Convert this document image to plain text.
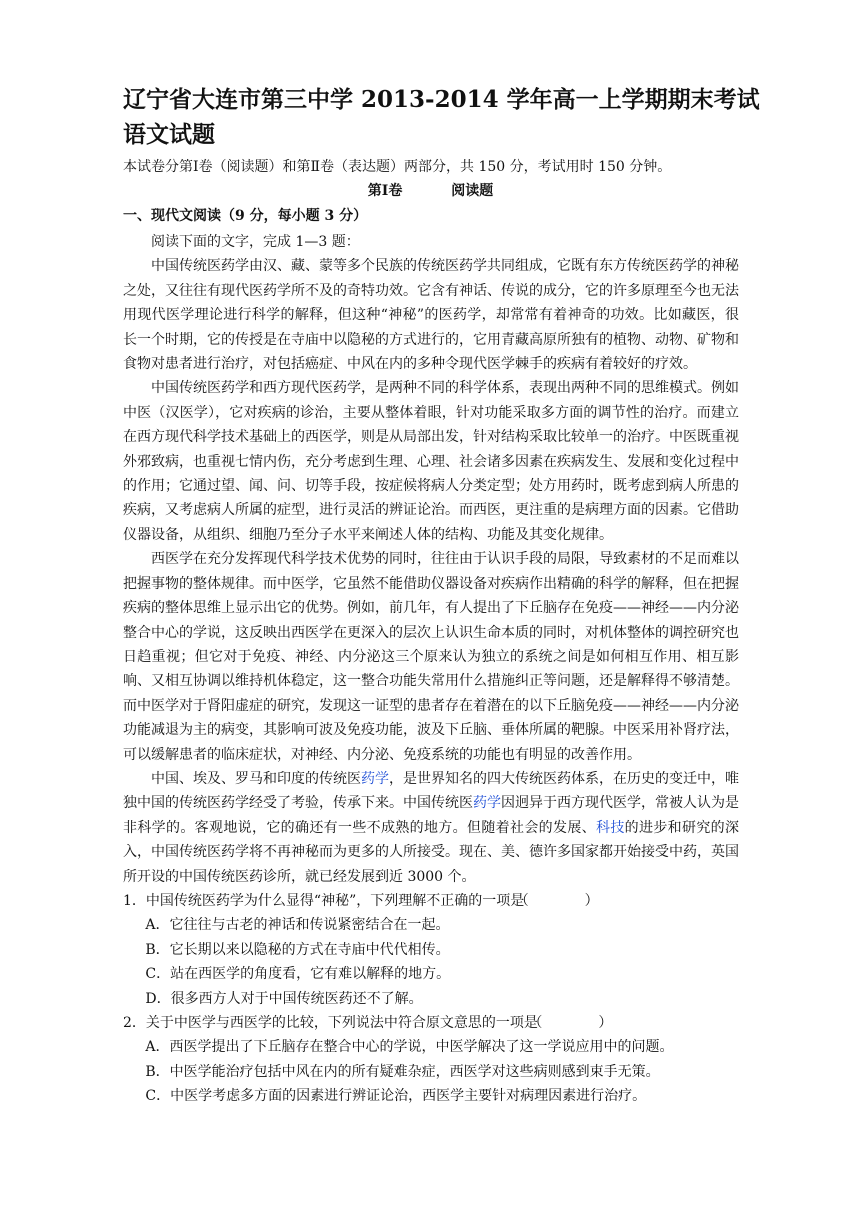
辽宁省大连市第三中学 2013-2014 学年高一上学期期末考试
语文试题
本试卷分第Ⅰ卷（阅读题）和第Ⅱ卷（表达题）两部分，共 150 分，考试用时 150 分钟。
第Ⅰ卷	阅读题
一、现代文阅读（9 分，每小题 3 分）

阅读下面的文字，完成 1—3 题：

中国传统医药学由汉、藏、蒙等多个民族的传统医药学共同组成，它既有东方传统医药学的神秘之处，又往往有现代医药学所不及的奇特功效。它含有神话、传说的成分，它的许多原理至今也无法用现代医学理论进行科学的解释，但这种“神秘”的医药学，却常常有着神奇的功效。比如藏医，很长一个时期，它的传授是在寺庙中以隐秘的方式进行的，它用青藏高原所独有的植物、动物、矿物和食物对患者进行治疗，对包括癌症、中风在内的多种令现代医学棘手的疾病有着较好的疗效。

中国传统医药学和西方现代医药学，是两种不同的科学体系，表现出两种不同的思维模式。例如中医（汉医学），它对疾病的诊治，主要从整体着眼，针对功能采取多方面的调节性的治疗。而建立在西方现代科学技术基础上的西医学，则是从局部出发，针对结构采取比较单一的治疗。中医既重视外邪致病，也重视七情内伤，充分考虑到生理、心理、社会诸多因素在疾病发生、发展和变化过程中的作用；它通过望、闻、问、切等手段，按症候将病人分类定型；处方用药时，既考虑到病人所患的疾病，又考虑病人所属的症型，进行灵活的辨证论治。而西医，更注重的是病理方面的因素。它借助仪器设备，从组织、细胞乃至分子水平来阐述人体的结构、功能及其变化规律。

西医学在充分发挥现代科学技术优势的同时，往往由于认识手段的局限，导致素材的不足而难以把握事物的整体规律。而中医学，它虽然不能借助仪器设备对疾病作出精确的科学的解释，但在把握疾病的整体思维上显示出它的优势。例如，前几年，有人提出了下丘脑存在免疫——神经——内分泌整合中心的学说，这反映出西医学在更深入的层次上认识生命本质的同时，对机体整体的调控研究也日趋重视；但它对于免疫、神经、内分泌这三个原来认为独立的系统之间是如何相互作用、相互影响、又相互协调以维持机体稳定，这一整合功能失常用什么措施纠正等问题，还是解释得不够清楚。而中医学对于肾阳虚症的研究，发现这一证型的患者存在着潜在的以下丘脑免疫——神经——内分泌功能减退为主的病变，其影响可波及免疫功能，波及下丘脑、垂体所属的靶腺。中医采用补肾疗法，可以缓解患者的临床症状，对神经、内分泌、免疫系统的功能也有明显的改善作用。

中国、埃及、罗马和印度的传统医药学，是世界知名的四大传统医药体系，在历史的变迁中，唯独中国的传统医药学经受了考验，传承下来。中国传统医药学因迥异于西方现代医学，常被人认为是非科学的。客观地说，它的确还有一些不成熟的地方。但随着社会的发展、科技的进步和研究的深入，中国传统医药学将不再神秘而为更多的人所接受。现在、美、德许多国家都开始接受中药，英国所开设的中国传统医药诊所，就已经发展到近 3000 个。

1．中国传统医药学为什么显得“神秘”，下列理解不正确的一项是 （　　　　）
A．它往往与古老的神话和传说紧密结合在一起。
B．它长期以来以隐秘的方式在寺庙中代代相传。
C．站在西医学的角度看，它有难以解释的地方。
D．很多西方人对于中国传统医药还不了解。
2．关于中医学与西医学的比较，下列说法中符合原文意思的一项是 （　　　　）
A．西医学提出了下丘脑存在整合中心的学说，中医学解决了这一学说应用中的问题。
B．中医学能治疗包括中风在内的所有疑难杂症，西医学对这些病则感到束手无策。
C．中医学考虑多方面的因素进行辨证论治，西医学主要针对病理因素进行治疗。
